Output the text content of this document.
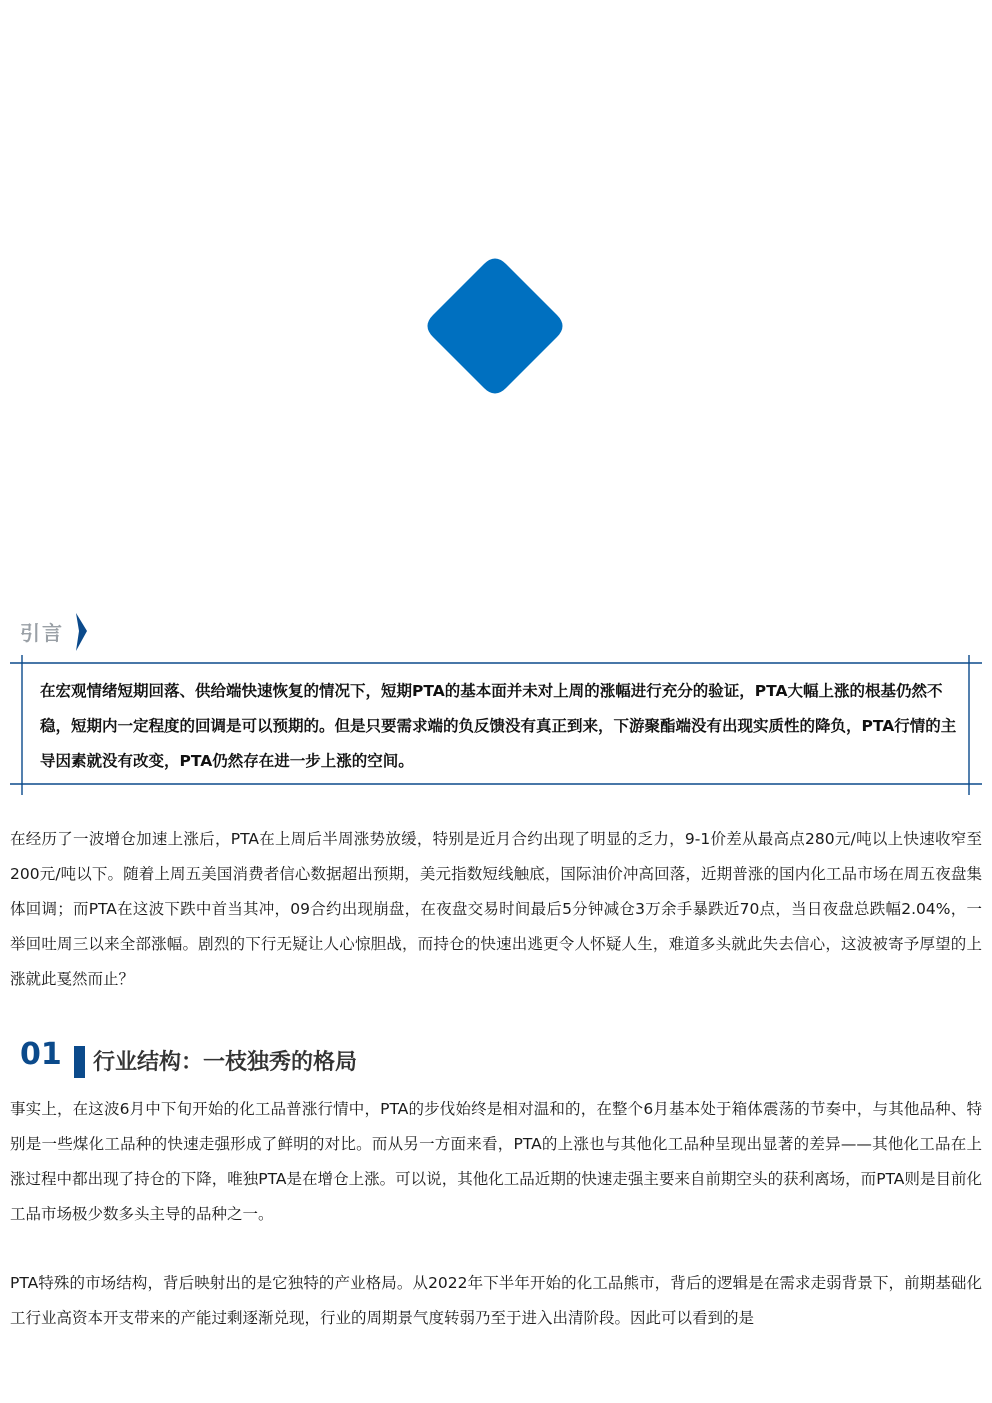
引言
在宏观情绪短期回落、供给端快速恢复的情况下，短期PTA的基本面并未对上周的涨幅进行充分的验证，PTA大幅上涨的根基仍然不稳，短期内一定程度的回调是可以预期的。但是只要需求端的负反馈没有真正到来，下游聚酯端没有出现实质性的降负，PTA行情的主导因素就没有改变，PTA仍然存在进一步上涨的空间。
在经历了一波增仓加速上涨后，PTA在上周后半周涨势放缓，特别是近月合约出现了明显的乏力，9-1价差从最高点280元/吨以上快速收窄至200元/吨以下。随着上周五美国消费者信心数据超出预期，美元指数短线触底，国际油价冲高回落，近期普涨的国内化工品市场在周五夜盘集体回调；而PTA在这波下跌中首当其冲，09合约出现崩盘，在夜盘交易时间最后5分钟减仓3万余手暴跌近70点，当日夜盘总跌幅2.04%，一举回吐周三以来全部涨幅。剧烈的下行无疑让人心惊胆战，而持仓的快速出逃更令人怀疑人生，难道多头就此失去信心，这波被寄予厚望的上涨就此戛然而止？
01 行业结构：一枝独秀的格局
事实上，在这波6月中下旬开始的化工品普涨行情中，PTA的步伐始终是相对温和的，在整个6月基本处于箱体震荡的节奏中，与其他品种、特别是一些煤化工品种的快速走强形成了鲜明的对比。而从另一方面来看，PTA的上涨也与其他化工品种呈现出显著的差异——其他化工品在上涨过程中都出现了持仓的下降，唯独PTA是在增仓上涨。可以说，其他化工品近期的快速走强主要来自前期空头的获利离场，而PTA则是目前化工品市场极少数多头主导的品种之一。
PTA特殊的市场结构，背后映射出的是它独特的产业格局。从2022年下半年开始的化工品熊市，背后的逻辑是在需求走弱背景下，前期基础化工行业高资本开支带来的产能过剩逐渐兑现，行业的周期景气度转弱乃至于进入出清阶段。因此可以看到的是
